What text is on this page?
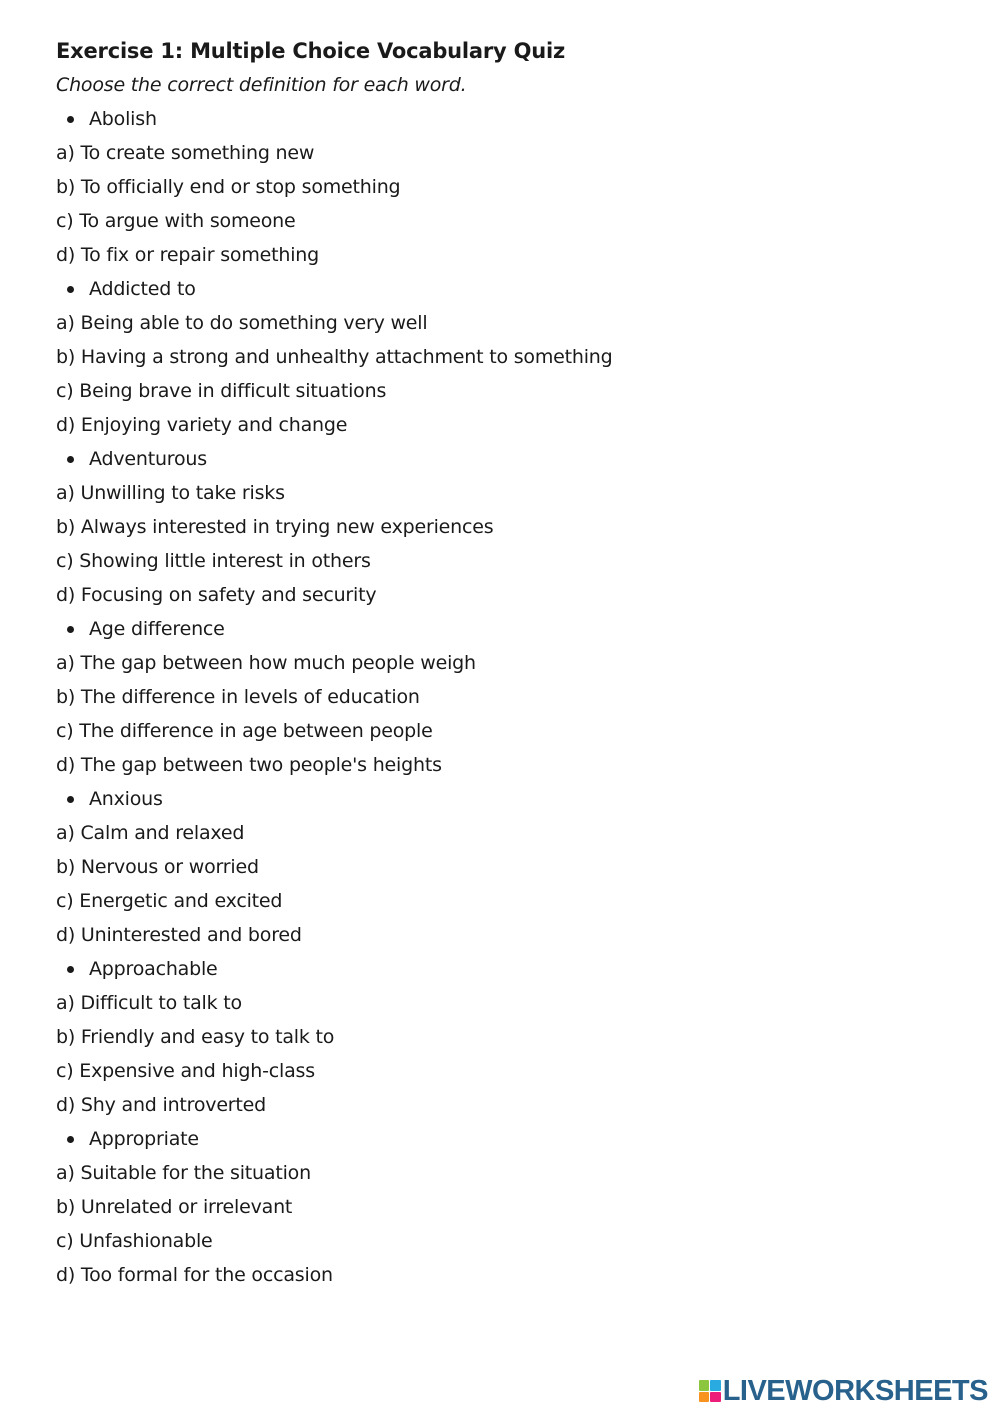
Exercise 1: Multiple Choice Vocabulary Quiz
Choose the correct definition for each word.
Abolish
a) To create something new
b) To officially end or stop something
c) To argue with someone
d) To fix or repair something
Addicted to
a) Being able to do something very well
b) Having a strong and unhealthy attachment to something
c) Being brave in difficult situations
d) Enjoying variety and change
Adventurous
a) Unwilling to take risks
b) Always interested in trying new experiences
c) Showing little interest in others
d) Focusing on safety and security
Age difference
a) The gap between how much people weigh
b) The difference in levels of education
c) The difference in age between people
d) The gap between two people's heights
Anxious
a) Calm and relaxed
b) Nervous or worried
c) Energetic and excited
d) Uninterested and bored
Approachable
a) Difficult to talk to
b) Friendly and easy to talk to
c) Expensive and high-class
d) Shy and introverted
Appropriate
a) Suitable for the situation
b) Unrelated or irrelevant
c) Unfashionable
d) Too formal for the occasion
LIVEWORKSHEETS
